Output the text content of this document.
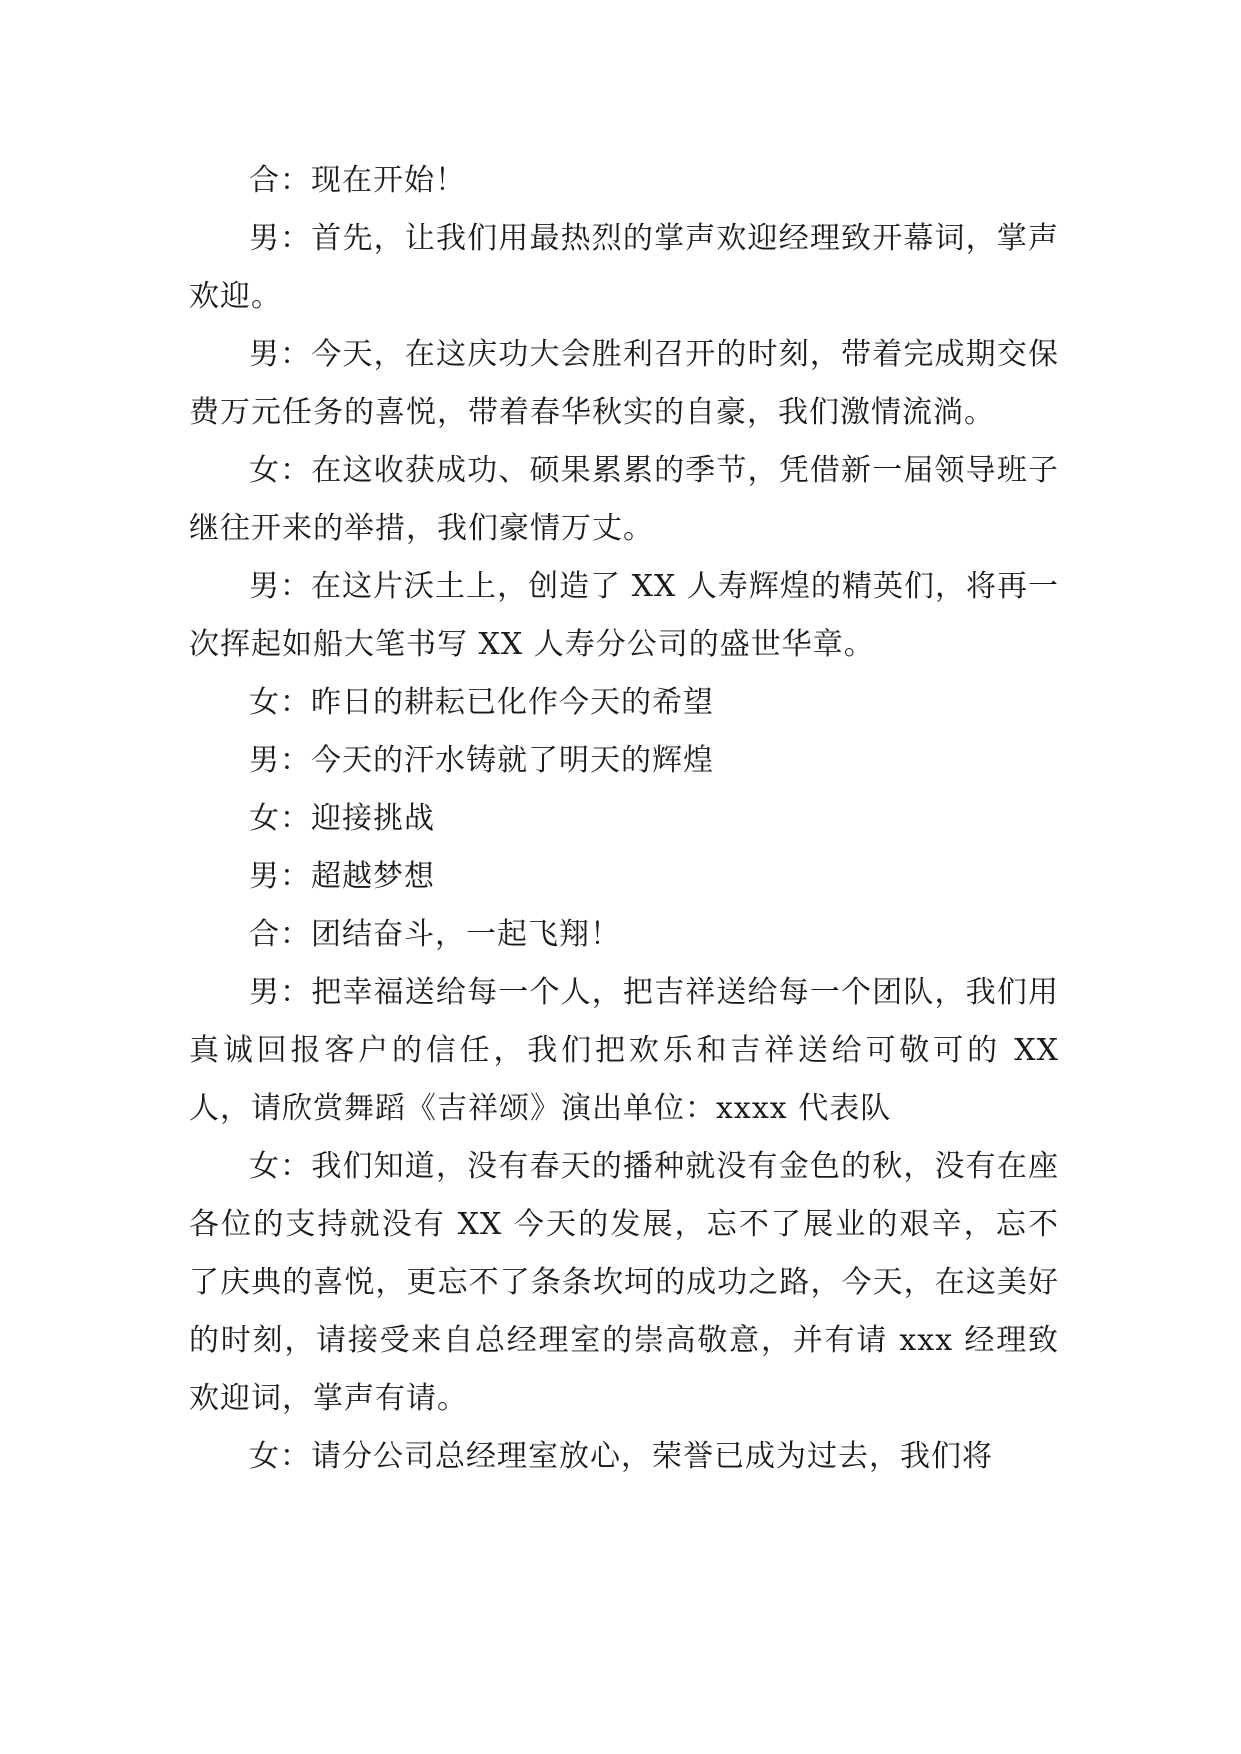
合：现在开始！

男：首先，让我们用最热烈的掌声欢迎经理致开幕词，掌声欢迎。

男：今天，在这庆功大会胜利召开的时刻，带着完成期交保费万元任务的喜悦，带着春华秋实的自豪，我们激情流淌。

女：在这收获成功、硕果累累的季节，凭借新一届领导班子继往开来的举措，我们豪情万丈。

男：在这片沃土上，创造了 XX 人寿辉煌的精英们，将再一次挥起如船大笔书写 XX 人寿分公司的盛世华章。

女：昨日的耕耘已化作今天的希望

男：今天的汗水铸就了明天的辉煌

女：迎接挑战

男：超越梦想

合：团结奋斗，一起飞翔！

男：把幸福送给每一个人，把吉祥送给每一个团队，我们用真诚回报客户的信任，我们把欢乐和吉祥送给可敬可的 XX 人，请欣赏舞蹈《吉祥颂》演出单位：xxxx 代表队

女：我们知道，没有春天的播种就没有金色的秋，没有在座各位的支持就没有 XX 今天的发展，忘不了展业的艰辛，忘不了庆典的喜悦，更忘不了条条坎坷的成功之路，今天，在这美好的时刻，请接受来自总经理室的崇高敬意，并有请 xxx 经理致欢迎词，掌声有请。

女：请分公司总经理室放心，荣誉已成为过去，我们将
